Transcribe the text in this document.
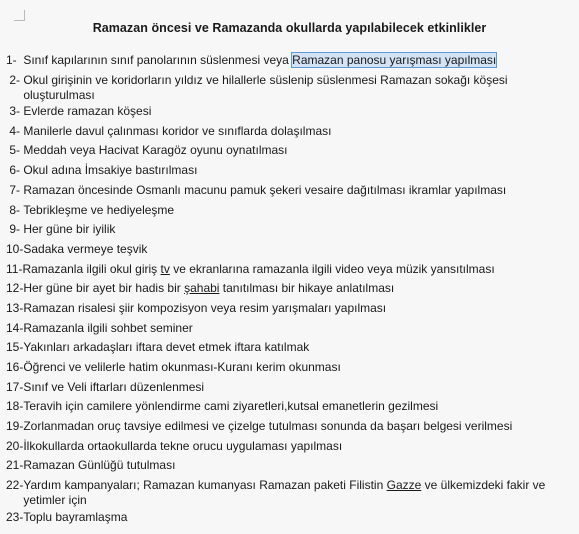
Ramazan öncesi ve Ramazanda okullarda yapılabilecek etkinlikler
1- Sınıf kapılarının sınıf panolarının süslenmesi veya Ramazan panosu yarışması yapılması
2- Okul girişinin ve koridorların yıldız ve hilallerle süslenip süslenmesi Ramazan sokağı köşesi oluşturulması
3- Evlerde ramazan köşesi
4- Manilerle davul çalınması koridor ve sınıflarda dolaşılması
5- Meddah veya Hacivat Karagöz oyunu oynatılması
6- Okul adına İmsakiye bastırılması
7- Ramazan öncesinde Osmanlı macunu pamuk şekeri vesaire dağıtılması ikramlar yapılması
8- Tebrikleşme ve hediyeleşme
9- Her güne bir iyilik
10- Sadaka vermeye teşvik
11- Ramazanla ilgili okul giriş tv ve ekranlarına ramazanla ilgili video veya müzik yansıtılması
12- Her güne bir ayet bir hadis bir şahabi tanıtılması bir hikaye anlatılması
13- Ramazan risalesi şiir kompozisyon veya resim yarışmaları yapılması
14- Ramazanla ilgili sohbet seminer
15- Yakınları arkadaşları iftara devet etmek iftara katılmak
16- Öğrenci ve velilerle hatim okunması-Kuranı kerim okunması
17- Sınıf ve Veli iftarları düzenlenmesi
18- Teravih için camilere yönlendirme cami ziyaretleri,kutsal emanetlerin gezilmesi
19- Zorlanmadan oruç tavsiye edilmesi ve çizelge tutulması sonunda da başarı belgesi verilmesi
20- İlkokullarda ortaokullarda tekne orucu uygulaması yapılması
21- Ramazan Günlüğü tutulması
22- Yardım kampanyaları; Ramazan kumanyası Ramazan paketi Filistin Gazze ve ülkemizdeki fakir ve yetimler için
23- Toplu bayramlaşma
